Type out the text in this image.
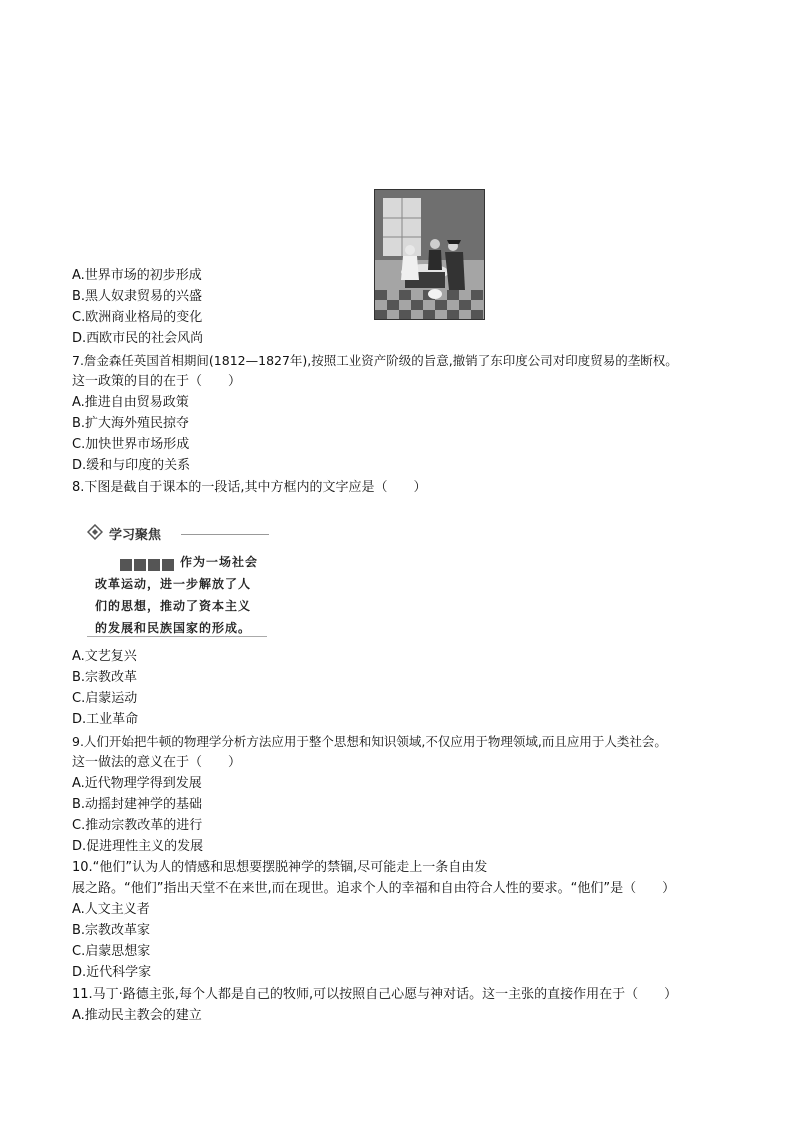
A.世界市场的初步形成
B.黑人奴隶贸易的兴盛
C.欧洲商业格局的变化
D.西欧市民的社会风尚
7.詹金森任英国首相期间(1812—1827年),按照工业资产阶级的旨意,撤销了东印度公司对印度贸易的垄断权。
这一政策的目的在于（　　）
A.推进自由贸易政策
B.扩大海外殖民掠夺
C.加快世界市场形成
D.缓和与印度的关系
8.下图是截自于课本的一段话,其中方框内的文字应是（　　）
学习聚焦
作为一场社会
改革运动，进一步解放了人
们的思想，推动了资本主义
的发展和民族国家的形成。
A.文艺复兴
B.宗教改革
C.启蒙运动
D.工业革命
9.人们开始把牛顿的物理学分析方法应用于整个思想和知识领域,不仅应用于物理领域,而且应用于人类社会。
这一做法的意义在于（　　）
A.近代物理学得到发展
B.动摇封建神学的基础
C.推动宗教改革的进行
D.促进理性主义的发展
10.“他们”认为人的情感和思想要摆脱神学的禁锢,尽可能走上一条自由发
展之路。“他们”指出天堂不在来世,而在现世。追求个人的幸福和自由符合人性的要求。“他们”是（　　）
A.人文主义者
B.宗教改革家
C.启蒙思想家
D.近代科学家
11.马丁·路德主张,每个人都是自己的牧师,可以按照自己心愿与神对话。这一主张的直接作用在于（　　）
A.推动民主教会的建立
